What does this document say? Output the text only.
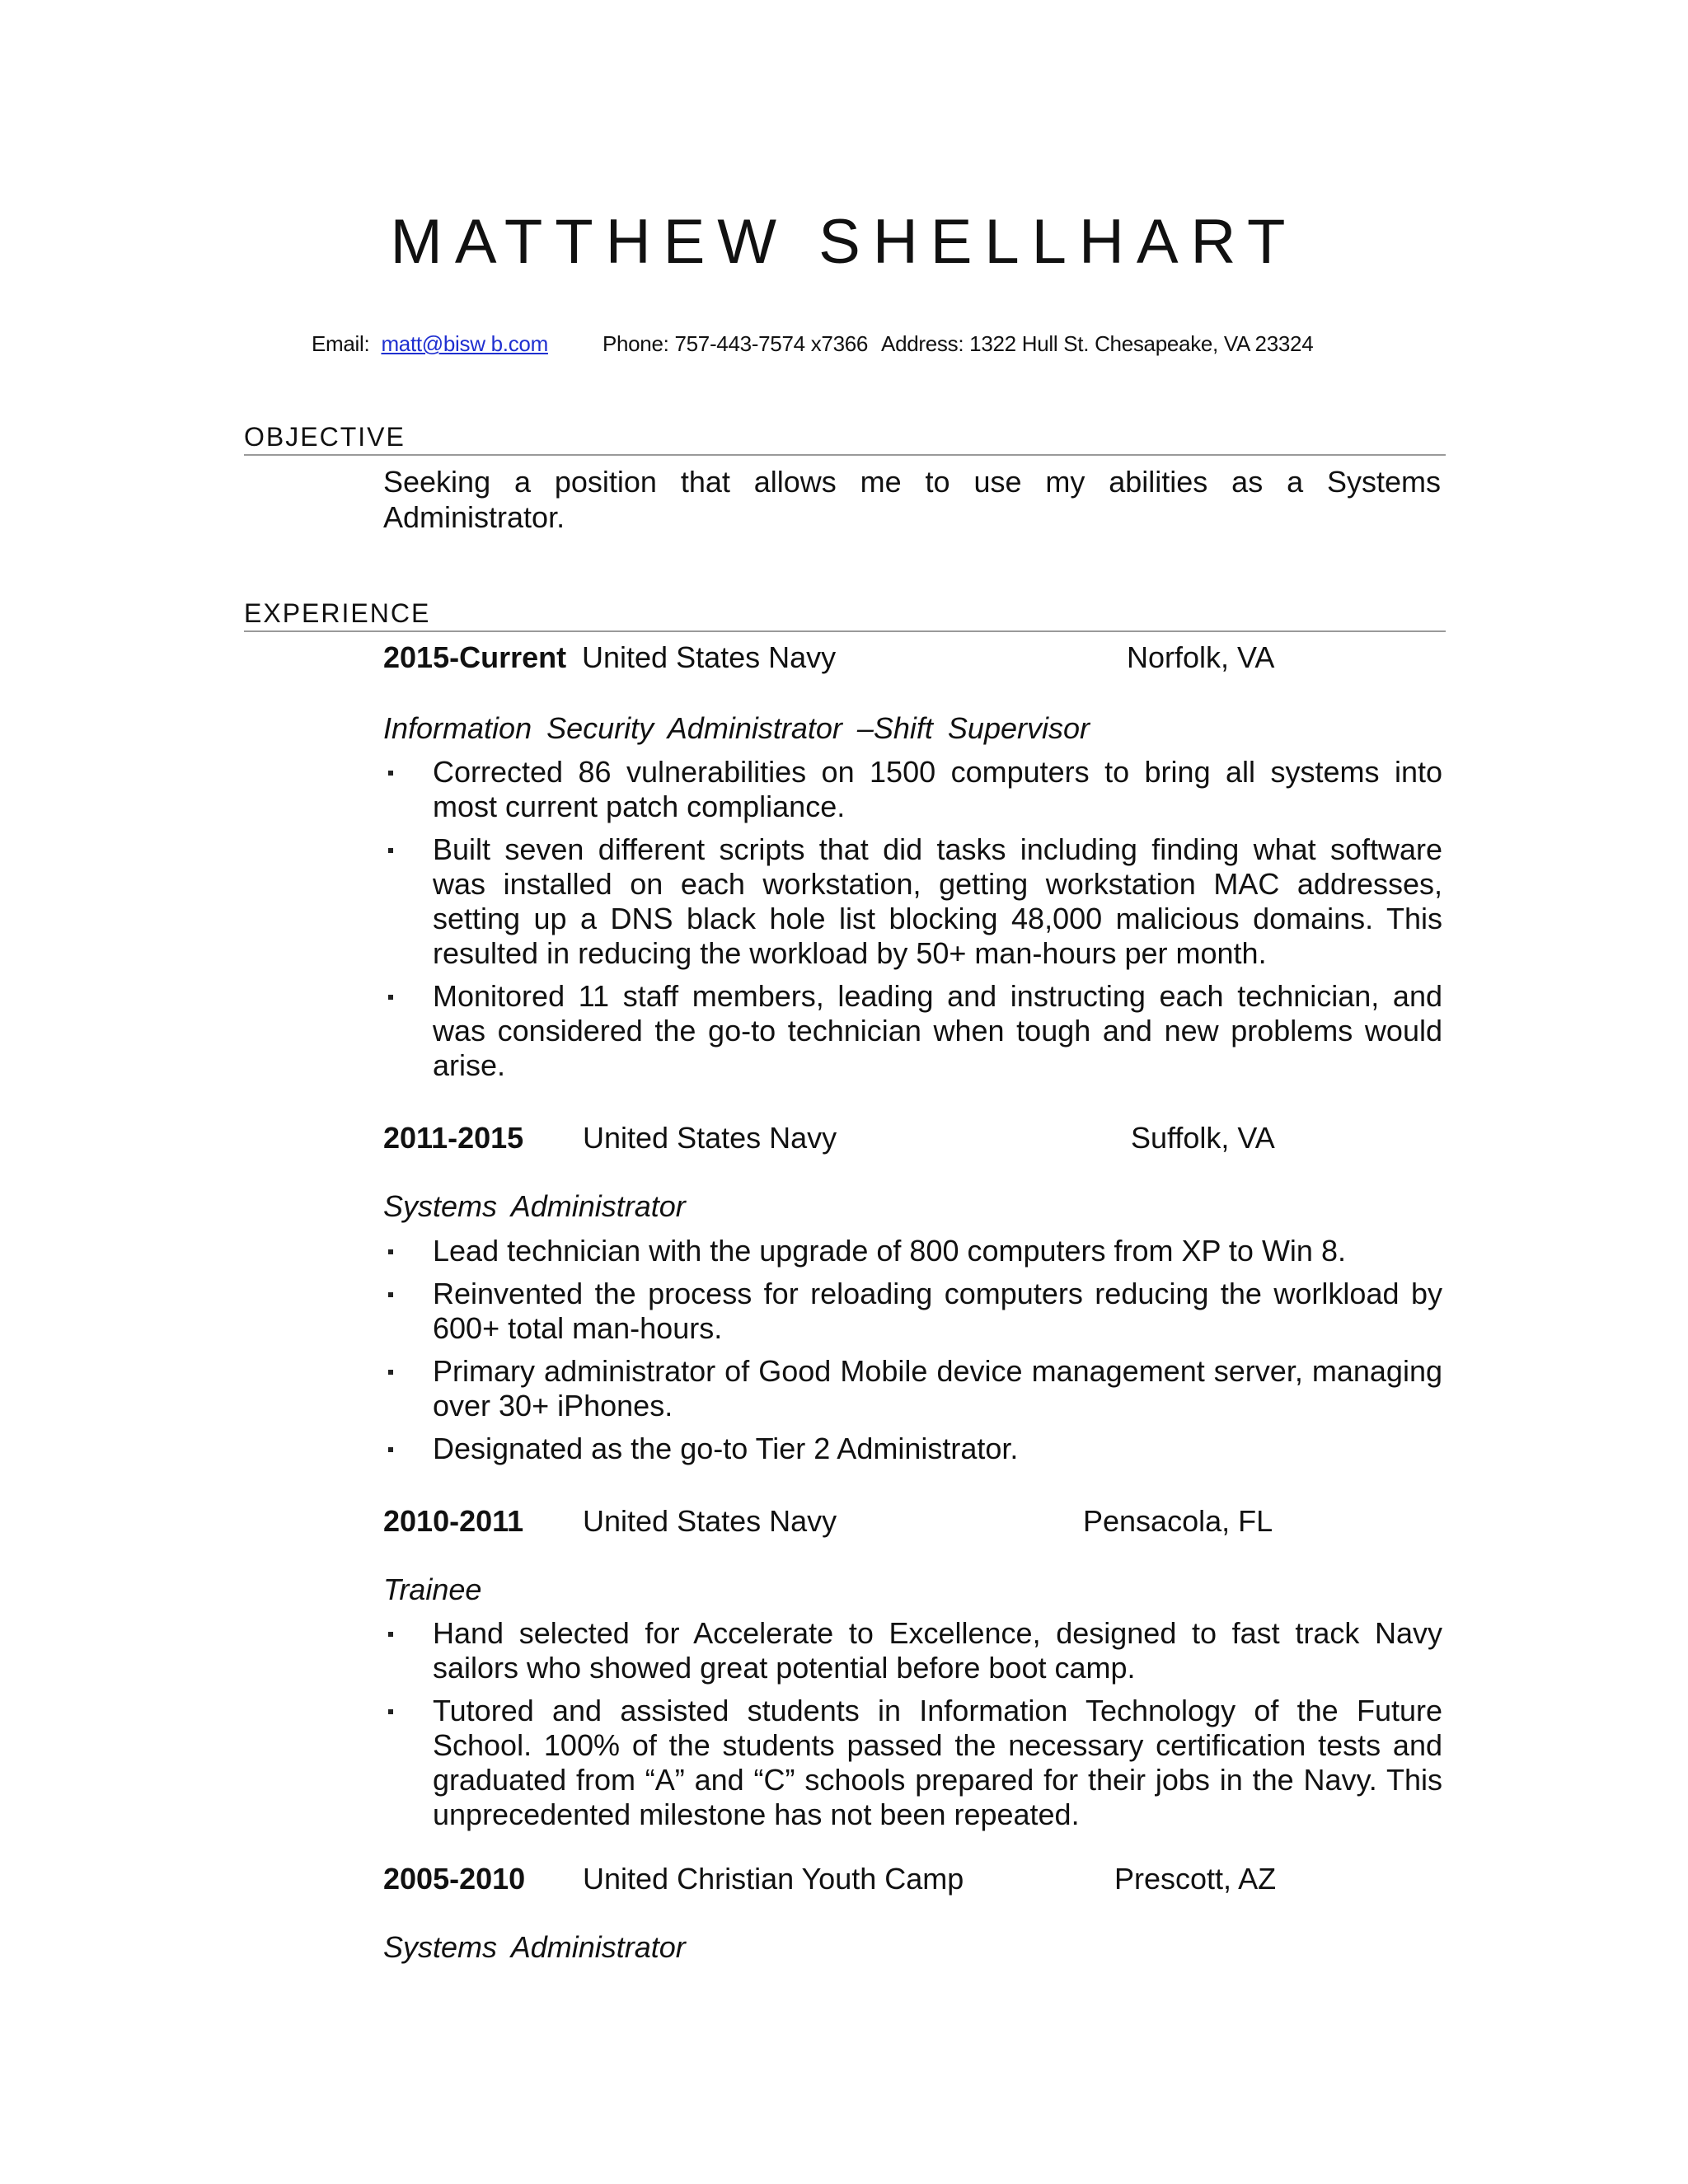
MATTHEW SHELLHART
Email: matt@bisw b.com	Phone: 757-443-7574 x7366 Address: 1322 Hull St. Chesapeake, VA 23324
OBJECTIVE
Seeking a position that allows me to use my abilities as a Systems Administrator.
EXPERIENCE
2015-Current United States Navy	Norfolk, VA
Information Security Administrator –Shift Supervisor
Corrected 86 vulnerabilities on 1500 computers to bring all systems into most current patch compliance.
Built seven different scripts that did tasks including finding what software was installed on each workstation, getting workstation MAC addresses, setting up a DNS black hole list blocking 48,000 malicious domains. This resulted in reducing the workload by 50+ man-hours per month.
Monitored 11 staff members, leading and instructing each technician, and was considered the go-to technician when tough and new problems would arise.
2011-2015 United States Navy	Suffolk, VA
Systems Administrator
Lead technician with the upgrade of 800 computers from XP to Win 8.
Reinvented the process for reloading computers reducing the worlkload by 600+ total man-hours.
Primary administrator of Good Mobile device management server, managing over 30+ iPhones.
Designated as the go-to Tier 2 Administrator.
2010-2011 United States Navy	Pensacola, FL
Trainee
Hand selected for Accelerate to Excellence, designed to fast track Navy sailors who showed great potential before boot camp.
Tutored and assisted students in Information Technology of the Future School. 100% of the students passed the necessary certification tests and graduated from “A” and “C” schools prepared for their jobs in the Navy. This unprecedented milestone has not been repeated.
2005-2010 United Christian Youth Camp	Prescott, AZ
Systems Administrator
